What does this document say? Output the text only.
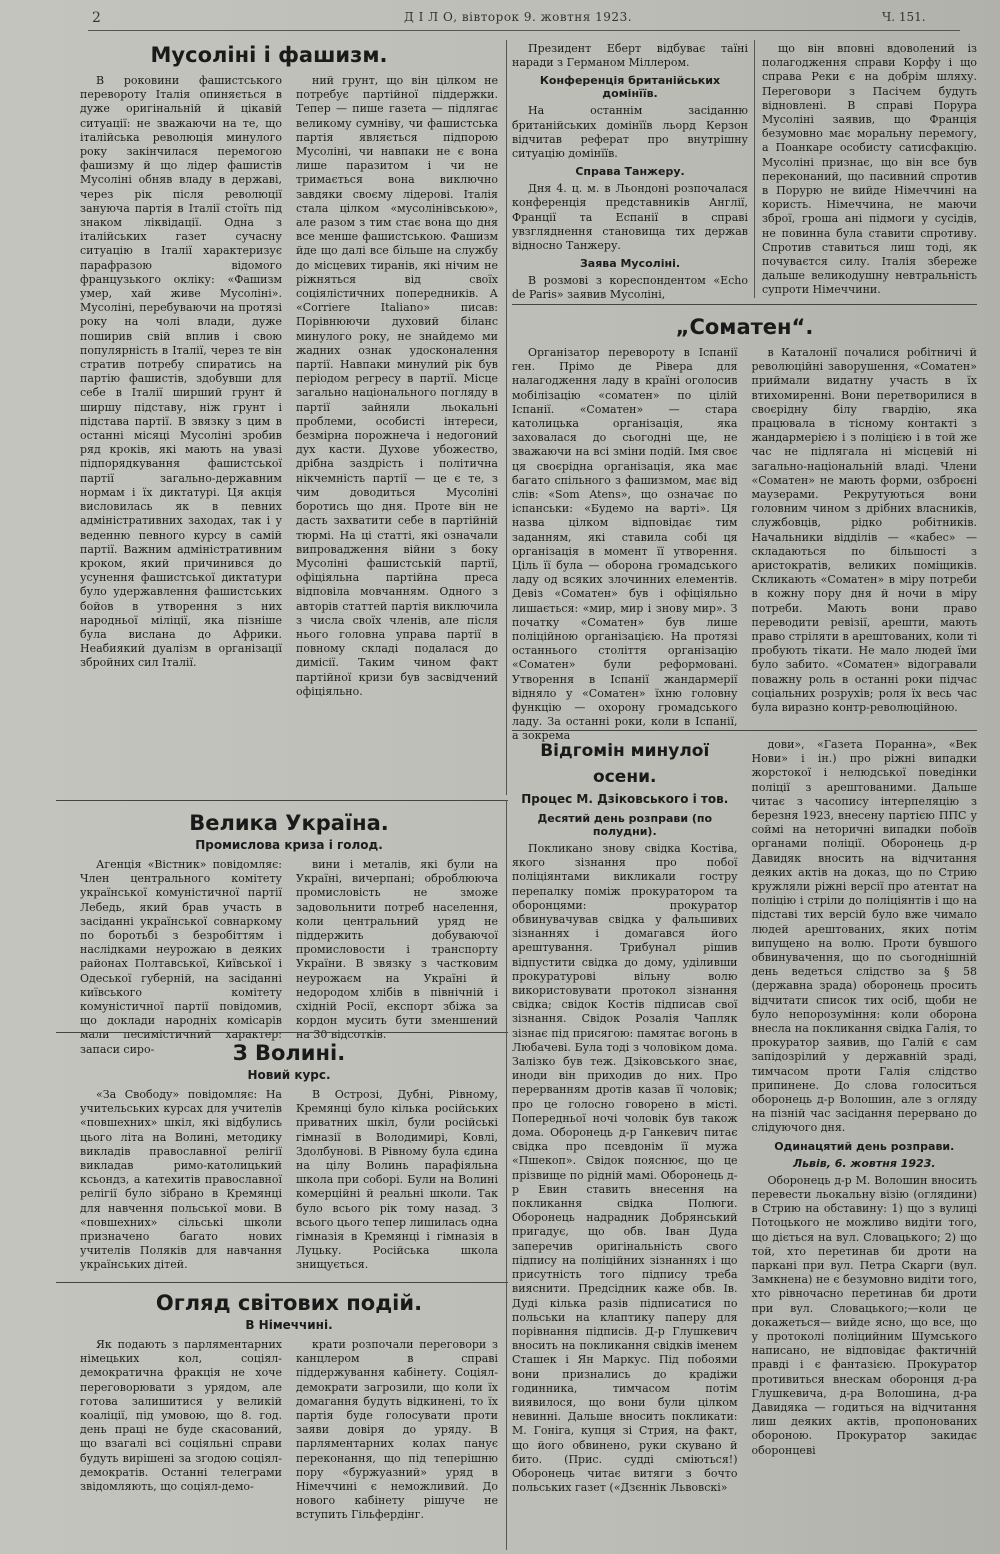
2	Д І Л О, вівторок 9. жовтня 1923.	Ч. 151.
Мусоліні і фашизм.

В роковини фашистського перевороту Італія опиняється в дуже оригінальній й цікавій ситуації: не зважаючи на те, що італійська революція минулого року закінчилася перемогою фашизму й що лідер фашистів Мусоліні обняв владу в державі, через рік після революції зануюча партія в Італії стоїть під знаком ліквідації. Одна з італійських газет сучасну ситуацію в Італії характеризує парафразою відомого французького окліку: «Фашизм умер, хай живе Мусоліні». Мусоліні, перебуваючи на протязі року на чолі влади, дуже поширив свій вплив і свою популярність в Італії, через те він стратив потребу спиратись на партію фашистів, здобувши для себе в Італії ширший грунт й ширшу підставу, ніж грунт і підстава партії. В звязку з цим в останні місяці Мусоліні зробив ряд кроків, які мають на увазі підпорядкування фашистської партії загально-державним нормам і їх диктатурі. Ця акція висловилась як в певних адміністративних заходах, так і у веденню певного курсу в самій партії. Важним адміністративним кроком, який причинився до усунення фашистської диктатури було удержавлення фашистських бойов в утворення з них народньої міліції, яка пізніше була вислана до Африки. Неабиякий дуалізм в організації збройних сил Італії.

ний грунт, що він цілком не потребує партійної піддержки. Тепер — пише газета — підлягає великому сумніву, чи фашистська партія являється підпорою Мусоліні, чи навпаки не є вона лише паразитом і чи не тримається вона виключно завдяки своєму лідерові. Італія стала цілком «мусолінівською», але разом з тим стає вона що дня все менше фашистською. Фашизм йде що далі все більше на службу до місцевих тиранів, які нічим не ріжняться від своїх соціялістичних попередників. А «Corriere Italiano» писав: Порівнюючи духовий біланс минулого року, не знайдемо ми жадних ознак удосконалення партії. Навпаки минулий рік був періодом регресу в партії. Місце загально національного погляду в партії зайняли льокальні проблеми, особисті інтереси, безмірна порожнеча і недогоний дух касти. Духове убожество, дрібна заздрість і політична нікчемність партії — це є те, з чим доводиться Мусоліні боротись що дня. Проте він не дасть захватити себе в партійній тюрмі. На ці статті, які означали випровадження війни з боку Мусоліні фашистській партії, офіціяльна партійна преса відповіла мовчанням. Одного з авторів статтей партія виключила з числа своїх членів, але після нього головна управа партії в повному складі подалася до димісії. Таким чином факт партійної кризи був засвідчений офіціяльно.

Президент Еберт відбуває таїні наради з Германом Міллером.

Конференція британійських домінїїв.

На останнім засіданню британійських домінїїв льорд Керзон відчитав реферат про внутрішну ситуацію домінїїв.

Справа Танжеру.

Дня 4. ц. м. в Льондоні розпочалася конференція представників Англії, Франції та Еспанії в справі увзгляднення становища тих держав відносно Танжеру.

Заява Мусоліні.

В розмові з кореспондентом «Echo de Paris» заявив Мусоліні,

що він вповні вдоволений із полагодження справи Корфу і що справа Реки є на добрім шляху. Переговори з Пасічем будуть відновлені. В справі Порура Мусоліні заявив, що Франція безумовно має моральну перемогу, а Поанкаре особисту сатисфакцію. Мусоліні признає, що він все був переконаний, що пасивний спротив в Порурю не вийде Німеччині на користь. Німеччина, не маючи зброї, гроша ані підмоги у сусідів, не повинна була ставити спротиву. Спротив ставиться лиш тоді, як почуваєтся силу. Італія збереже дальше великодушну невтральність супроти Німеччини.

„Соматен“.

Організатор перевороту в Іспанії ген. Прімо де Рівера для налагодження ладу в країні оголосив мобілізацію «соматен» по цілій Іспанії. «Соматен» — стара католицька організація, яка заховалася до сьогодні ще, не зважаючи на всі зміни подій. Імя своє ця своєрідна організація, яка має багато спільного з фашизмом, має від слів: «Som Atens», що означає по іспанськи: «Будемо на варті». Ця назва цілком відповідає тим заданням, які ставила собі ця організація в момент її утворення. Ціль її була — оборона громадського ладу од всяких злочинних елементів. Девіз «Соматен» був і офіціяльно лишається: «мир, мир і знову мир». З початку «Соматен» був лише поліційною організацією. На протязі останнього століття організацію «Соматен» були реформовані. Утворення в Іспанії жандармерії відняло у «Соматен» їхню головну функцію — охорону громадського ладу. За останні роки, коли в Іспанії, а зокрема

в Каталонії почалися робітничі й революційні заворушення, «Соматен» приймали видатну участь в їх втихомиренні. Вони перетворилися в своєрідну білу гвардію, яка працювала в тісному контакті з жандармерією і з поліцією і в той же час не підлягала ні місцевій ні загально-національній владі. Члени «Соматен» не мають форми, озброєні маузерами. Рекрутуються вони головним чином з дрібних власників, службовців, рідко робітників. Начальники відділів — «кабес» — складаються по більшості з аристократів, великих поміщиків. Скликають «Соматен» в міру потреби в кожну пору дня й ночи в міру потреби. Мають вони право переводити ревізії, арешти, мають право стріляти в арештованих, коли ті пробують тікати. Не мало людей їми було забито. «Соматен» відогравали поважну роль в останні роки підчас соціальних розрухів; роля їх весь час була виразно контр-революційною.

Велика Україна.
Промислова криза і голод.

Агенція «Вістник» повідомляє: Член центрального комітету української комуністичної партії Лебедь, який брав участь в засіданні української совнаркому по боротьбі з безробіттям і наслідками неурожаю в деяких районах Полтавської, Київської і Одеської губерній, на засіданні київського комітету комуністичної партії повідомив, що доклади народніх комісарів мали песимістичний характер: запаси сиро-

вини і металів, які були на Україні, вичерпані; оброблююча промисловість не зможе задовольнити потреб населення, коли центральний уряд не піддержить добуваючої промисловости і транспорту України. В звязку з частковим неурожаєм на Україні й недородом хлібів в північній і східній Росії, експорт збіжа за кордон мусить бути зменшений на 30 відсотків.

З Волині.
Новий курс.

«За Свободу» повідомляє: На учительських курсах для учителів «повшехних» шкіл, які відбулись цього літа на Волині, методику викладів православної релігії викладав римо-католицький ксьондз, а катехитів православної релігії було зібрано в Кремянці для навчення польської мови. В «повшехних» сільські школи призначено багато нових учителів Поляків для навчання українських дітей.

В Острозі, Дубні, Рівному, Кремянці було кілька російських приватних шкіл, були російські гімназії в Володимирі, Ковлі, Здолбунові. В Рівному була єдина на цілу Волинь парафіяльна школа при соборі. Були на Волині комерційні й реальні школи. Так було всього рік тому назад. З всього цього тепер лишилась одна гімназія в Кремянці і гімназія в Луцьку. Російська школа знищується.

Огляд світових подій.
В Німеччині.

Як подають з парляментарних німецьких кол, соціял-демократична фракція не хоче переговорювати з урядом, але готова залишитися у великій коаліції, під умовою, що 8. год. день праці не буде скасований, що взагалі всі соціяльні справи будуть вирішені за згодою соціял-демократів. Останні телеграми звідомляють, що соціял-демо-

крати розпочали переговори з канцлером в справі піддержування кабінету. Соціял-демократи загрозили, що коли їх домагання будуть відкинені, то їх партія буде голосувати проти заяви довіря до уряду. В парляментарних колах панує переконання, що під теперішню пору «буржуазний» уряд в Німеччині є неможливий. До нового кабінету рішуче не вступить Гільфердінг.

Відгомін минулої осени.
Процес М. Дзіковського і тов.
Десятий день розправи (по полудни).

Покликано знову свідка Костіва, якого зізнання про побої поліціянтами викликали гостру перепалку поміж прокуратором та оборонцями: прокуратор обвинувачував свідка у фальшивих зізнаннях і домагався його арештування. Трибунал рішив відпустити свідка до дому, уділивши прокуратурові вільну волю використовувати протокол зізнання свідка; свідок Костів підписав свої зізнання. Свідок Розалія Чапляк зізнає під присягою: памятає вогонь в Любачеві. Була тоді з чоловіком дома. Залізко був теж. Дзіковського знає, иноди він приходив до них. Про перерванням дротів казав її чоловік; про це голосно говорено в місті. Попередньої ночі чоловік був також дома. Оборонець д-р Ганкевич питає свідка про псевдонім її мужа «Пшекоп». Свідок пояснює, що це прізвище по рідній мамі. Оборонець д-р Евин ставить внесення на покликання свідка Полюги. Оборонець надрадник Добрянський пригадує, що обв. Іван Дуда заперечив оригінальність свого підпису на поліційних зізнаннях і що присутність того підпису треба вияснити. Предсідник каже обв. Ів. Дуді кілька разів підписатися по польськи на клаптику паперу для порівнання підписів. Д-р Глушкевич вносить на покликання свідків іменем Сташек і Ян Маркус. Під побоями вони признались до крадіжи годинника, тимчасом потім виявилося, що вони були цілком невинні. Дальше вносить покликати: М. Гоніга, купця зі Стрия, на факт, що його обвинено, руки скувано й бито. (Прис. судді сміються!) Оборонець читає витяги з бочто польських газет («Дзєннік Львовскі»

дови», «Газета Поранна», «Век Нови» і ін.) про ріжні випадки жорстокої і нелюдської поведінки поліції з арештованими. Дальше читає з часопису інтерпеляцію з березня 1923, внесену партією ППС у соймі на неторичні випадки побоїв органами поліції. Оборонець д-р Давидяк вносить на відчитання деяких актів на доказ, що по Стрию кружляли ріжні версії про атентат на поліцію і стріли до поліціянтів і що на підставі тих версій було вже чимало людей арештованих, яких потім випущено на волю. Проти бувшого обвинувачення, що по сьогоднішній день ведеться слідство за § 58 (державна зрада) оборонець просить відчитати список тих осіб, щоби не було непорозуміння: коли оборона внесла на покликання свідка Галія, то прокуратор заявив, що Галій є сам запідозрілий у державній зраді, тимчасом проти Галія слідство припинене. До слова голоситься оборонець д-р Волошин, але з огляду на пізній час засідання перервано до слідуючого дня.

Одинацятий день розправи.
Львів, 6. жовтня 1923.

Оборонець д-р М. Волошин вносить перевести льокальну візію (оглядини) в Стрию на обставину: 1) що з вулиці Потоцького не можливо видіти того, що діється на вул. Словацького; 2) що той, хто перетинав би дроти на паркані при вул. Петра Скарги (вул. Замкнена) не є безумовно видіти того, хто рівночасно перетинав би дроти при вул. Словацького;—коли це докажеться— вийде ясно, що все, що у протоколі поліцийним Шумського написано, не відповідає фактичній правді і є фантазією. Прокуратор противиться внескам оборонця д-ра Глушкевича, д-ра Волошина, д-ра Давидяка — годиться на відчитання лиш деяких актів, пропонованих обороною. Прокуратор закидає оборонцеві
